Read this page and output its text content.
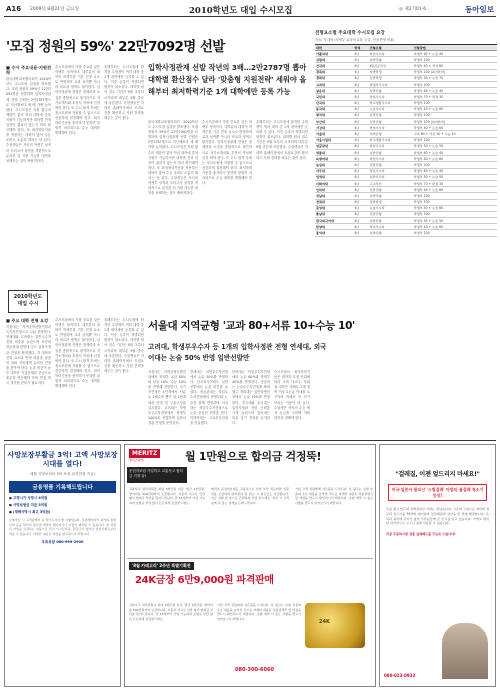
A16 2009년 8월21일 금요일	2010학년도 대입 수시모집	◎ 제2기01-6	동아일보
'모집 정원의 59%' 22만7092명 선발
입학사정관제 선발 작년의 3배…2만2787명 뽑아 대학별 환산점수 달라 '맞춤형 지원전략' 세워야 올해부터 최저학력기준 1개 대학에만 등록 가능
■ 수시 주요내용·지원전략
한국대학교육협의회가 2010학년도 수시모집 일정을 발표했다. 모집 정원의 59%인 22만7092명을 선발하며 입학사정관제 선발 인원은 2만2787명으로 지난해보다 세 배 가량 늘어났다. 수시모집은 지원 횟수의 제한이 없어 여러 대학에 중복 지원이 가능하지만 대학별 전형 일정이 겹치지 않는지 미리 확인해야 한다. 또 최저학력기준을 적용하는 대학이 많아 수능 준비도 소홀히 해서는 안 된다. 수험생들은 자신의 학생부 성적과 모의고사 성적을 객관적으로 분석한 뒤 지원 가능한 대학을 선택하는 것이 바람직하다.
수시모집에서 가장 중요한 것은 학생부 성적이다. 대부분의 대학이 학생부를 기본 전형 요소로 반영하며 교과 성적뿐 아니라 비교과 영역도 평가한다. 입학사정관제 전형은 잠재력과 소질을 종합적으로 평가하므로 자기소개서와 추천서 작성에 신경 써야 한다. 또 수시 합격 후에는 정시모집에 지원할 수 없으므로 신중하게 결정해야 한다. 최저학력기준을 충족하지 못하면 불합격 처리되므로 수능 대비를 병행해야 한다.
올해부터는 수시모집에 합격한 수험생이 여러 대학 중 1개 대학에만 등록할 수 있다. 이중 등록이 적발되면 합격이 취소된다. 대학별 원서 접수 기간은 9월 초부터 시작되며 대부분 9월 중순에 마감한다. 수험생들은 각 대학 홈페이지에서 모집요강을 확인하고 지원 전략을 세우는 것이 좋다.
한국대학교육협의회가 2010학년도 수시모집 일정을 발표했다. 모집 정원의 59%인 22만7092명을 선발하며 입학사정관제 선발 인원은 2만2787명으로 지난해보다 세 배 가량 늘어났다. 수시모집은 지원 횟수의 제한이 없어 여러 대학에 중복 지원이 가능하지만 대학별 전형 일정이 겹치지 않는지 미리 확인해야 한다. 또 최저학력기준을 적용하는 대학이 많아 수능 준비도 소홀히 해서는 안 된다. 수험생들은 자신의 학생부 성적과 모의고사 성적을 객관적으로 분석한 뒤 지원 가능한 대학을 선택하는 것이 바람직하다.
수시모집에서 가장 중요한 것은 학생부 성적이다. 대부분의 대학이 학생부를 기본 전형 요소로 반영하며 교과 성적뿐 아니라 비교과 영역도 평가한다. 입학사정관제 전형은 잠재력과 소질을 종합적으로 평가하므로 자기소개서와 추천서 작성에 신경 써야 한다. 또 수시 합격 후에는 정시모집에 지원할 수 없으므로 신중하게 결정해야 한다. 최저학력기준을 충족하지 못하면 불합격 처리되므로 수능 대비를 병행해야 한다.
올해부터는 수시모집에 합격한 수험생이 여러 대학 중 1개 대학에만 등록할 수 있다. 이중 등록이 적발되면 합격이 취소된다. 대학별 원서 접수 기간은 9월 초부터 시작되며 대부분 9월 중순에 마감한다. 수험생들은 각 대학 홈페이지에서 모집요강을 확인하고 지원 전략을 세우는 것이 좋다.
2010학년도
대입 수시
■ 주요 대학 전형 요강
서울대는 지역균형선발전형과 특기자전형으로 나눠 선발한다. 연세대와 고려대는 일반우수자전형 비중을 늘렸으며 서강대 성균관대 한양대 등도 입학사정관 전형을 확대했다. 각 대학의 전형 요소와 반영 비율을 꼼꼼히 살펴 자신에게 유리한 전형을 찾아야 한다. 논술 비중이 높은 대학은 기출문제를 중심으로 충분히 연습해야 하며 면접 역시 철저한 준비가 필요하다.
수시모집에서 가장 중요한 것은 학생부 성적이다. 대부분의 대학이 학생부를 기본 전형 요소로 반영하며 교과 성적뿐 아니라 비교과 영역도 평가한다. 입학사정관제 전형은 잠재력과 소질을 종합적으로 평가하므로 자기소개서와 추천서 작성에 신경 써야 한다. 또 수시 합격 후에는 정시모집에 지원할 수 없으므로 신중하게 결정해야 한다. 최저학력기준을 충족하지 못하면 불합격 처리되므로 수능 대비를 병행해야 한다.
올해부터는 수시모집에 합격한 수험생이 여러 대학 중 1개 대학에만 등록할 수 있다. 이중 등록이 적발되면 합격이 취소된다. 대학별 원서 접수 기간은 9월 초부터 시작되며 대부분 9월 중순에 마감한다. 수험생들은 각 대학 홈페이지에서 모집요강을 확인하고 지원 전략을 세우는 것이 좋다.
서울대 지역균형 '교과 80+서류 10+수능 10'
고려대, 학생부우수자 등 1개의 입학사정관 전형 연세대, 외국어대는 논술 50% 반영 일반선발만
서울대는 지역균형선발전형에서 학생부 교과 80%와 서류 10%, 수능 10%를 반영해 선발한다. 특기자전형은 1단계에서 서류로 2배수를 뽑은 뒤 2단계에서 면접 및 구술고사를 실시한다. 고려대는 학생부우수자전형에서 학생부 100%로 선발하며 입학사정관 전형을 운영한다.
연세대는 일반우수자전형에서 논술 50%를 반영한다. 한국외국어대도 일반선발에서 논술 비중을 높였다. 성균관대는 학업우수자전형에서 학생부와 논술을 함께 반영하며 서강대는 학업우수자전형으로 논술 중심의 선발을 한다. 이화여대는 고교추천전형을 신설했다.
한양대는 학업우수자전형에서 논술 60%와 학생부 40%를 반영한다. 중앙대는 논술우수자전형을 확대했고 경희대는 일반학생전형에서 논술 70%를 반영한다. 건국대와 동국대는 입학사정관 전형 인원을 크게 늘렸으며 홍익대는 미술 실기 전형을 유지한다.
수시모집의 최저학력기준은 대학과 모집 단위에 따라 크게 다르다. 상위권 대학은 대체로 2개 영역 이상 2등급 이내를 요구하며 의예과 등 인기 학과는 기준이 더 높다. 수험생은 자신의 수능 예상 등급을 고려해 지원 대학을 정해야 한다.
전형요소별 주요대학 수시모집 요강
자료: 각 대학 (학생부 교과·비교과, 논술, 면접 반영 비율)
대학	학제	전형유형	전형방법
가톨릭대	4년	학업우수자	학생부 60 + 논술 40
강원대	4년	일반전형	학생부 100
건국대	4년	KU전공적성	학생부 40 + 적성 60
경북대	4년	일반학생	학생부 100 (최저학력)
경희대	4년	일반학생	학생부 30 + 논술 70
고려대	4년	학생부우수자	학생부 100
광운대	4년	일반전형	학생부 60 + 논술 40
국민대	4년	학업우수자	학생부 70 + 면접 30
단국대	4년	학교생활우수자	학생부 100
동국대	4년	논술우수자	학생부 40 + 논술 60
명지대	4년	일반전형	학생부 100
부산대	4년	일반전형	학생부 100 (최저학력)
서강대	4년	학업우수자	학생부 40 + 논술 60
서울대	4년	지역균형	교과 80 + 서류 10 + 수능 10
서울시립대	4년	학교생활우수자	학생부 100
성균관대	4년	학업우수자	학생부 50 + 논술 50
세종대	4년	일반전형	학생부 60 + 논술 40
숙명여대	4년	학업우수자	학생부 40 + 논술 60
숭실대	4년	일반전형	학생부 100
아주대	4년	학업우수자	학생부 60 + 논술 40
연세대	4년	일반우수자	학생부 50 + 논술 50
이화여대	4년	고교추천	학생부 70 + 면접 30
인하대	4년	일반전형	학생부 40 + 논술 60
전남대	4년	일반전형	학생부 100
전북대	4년	일반학생	학생부 100
중앙대	4년	논술우수자	학생부 40 + 논술 60
충남대	4년	일반전형	학생부 100
한국외국어대	4년	일반선발	학생부 50 + 논술 50
한양대	4년	학업우수자	학생부 40 + 논술 60
홍익대	4년	일반전형	학생부 100
사망보장부활금 3억! 고액 사망보장 시대를 열다!
매월 사망보험료 3억 보장 (2천만원 지급)
금융명품 기록해드립니다
● 고령시기 사망시 4억원
● 사망보험금 지급 3억원
● (재해사망시 최고 3억원)
보험가입 시 고객님께서 꼭 알아두셔야 할 사항입니다. 보험계약자가 과거의 질병 이력 등을 알리지 않으면 계약이 해지되거나 보장이 제한될 수 있습니다. 본 상품은 사망을 보장하는 상품으로 만기 시 지급되는 환급금이 없거나 납입보험료보다 적을 수 있습니다. 자세한 내용은 약관을 참고하시기 바랍니다.
무료상담 080-999-2900
MERITZ
메리츠화재	월 1만원으로 합의금 걱정뚝!
운전자보험 가입하고 교통사고 합의금 걱정 끝!
교통사고 처리지원금 최대 3천만원 지급. 벌금 2천만원, 방어비용 500만원까지 보장합니다. 자동차 사고로 인한 형사 합의금 부담을 덜어드립니다. 만 15세부터 가입 가능하며 보험료 부담 없이 든든하게 보장받으세요.
메리츠 운전자보험은 교통사고로 인한 부상 치료비와 입원비를 보장하며 면허정지 및 취소 시 위로금도 지급합니다. 지금 전화 한 통으로 간편하게 상담 받으세요. 상담 시 고객님께 꼭 맞는 설계를 도와드립니다.
가입 고객 전원에게 사은품을 드립니다. 본 광고는 보험 상품의 주요 내용을 요약한 것으로 자세한 내용은 상품설명서 및 약관을 반드시 확인하시기 바랍니다. 보험 계약 시 중요 사항을 반드시 읽어보시기 바랍니다.
'8월 카테고리' 2주년 특별기획전
24K금장 6만9,000원 파격판매
교통사고 처리지원금 최대 3천만원 지급. 벌금 2천만원, 방어비용 500만원까지 보장합니다. 자동차 사고로 인한 형사 합의금 부담을 덜어드립니다. 만 15세부터 가입 가능하며 보험료 부담 없이 든든하게 보장받으세요.
가입 고객 전원에게 사은품을 드립니다. 본 광고는 보험 상품의 주요 내용을 요약한 것으로 자세한 내용은 상품설명서 및 약관을 반드시 확인하시기 바랍니다. 보험 계약 시 중요 사항을 반드시 읽어보시기 바랍니다.
24K
080-300-6060
"걸레질, 이젠 엎드리지 마세요!"
미국·일본서 불티난 '스팀걸레' 마법의 물걸레 청소기 등장!
무릎 꿇고 엎드려 걸레질하던 시대는 끝났습니다. 고온의 스팀으로 바닥의 세균과 진드기를 99.9% 제거하며 물걸레질과 살균을 한 번에 해결합니다. 손목과 허리에 무리가 없어 주부님들께 큰 인기를 얻고 있습니다. 가볍고 편리한 디자인으로 누구나 쉽게 사용할 수 있습니다.
지금 주문하시면 전용 걸레패드를 무료로 드립니다!
080-023-0933
